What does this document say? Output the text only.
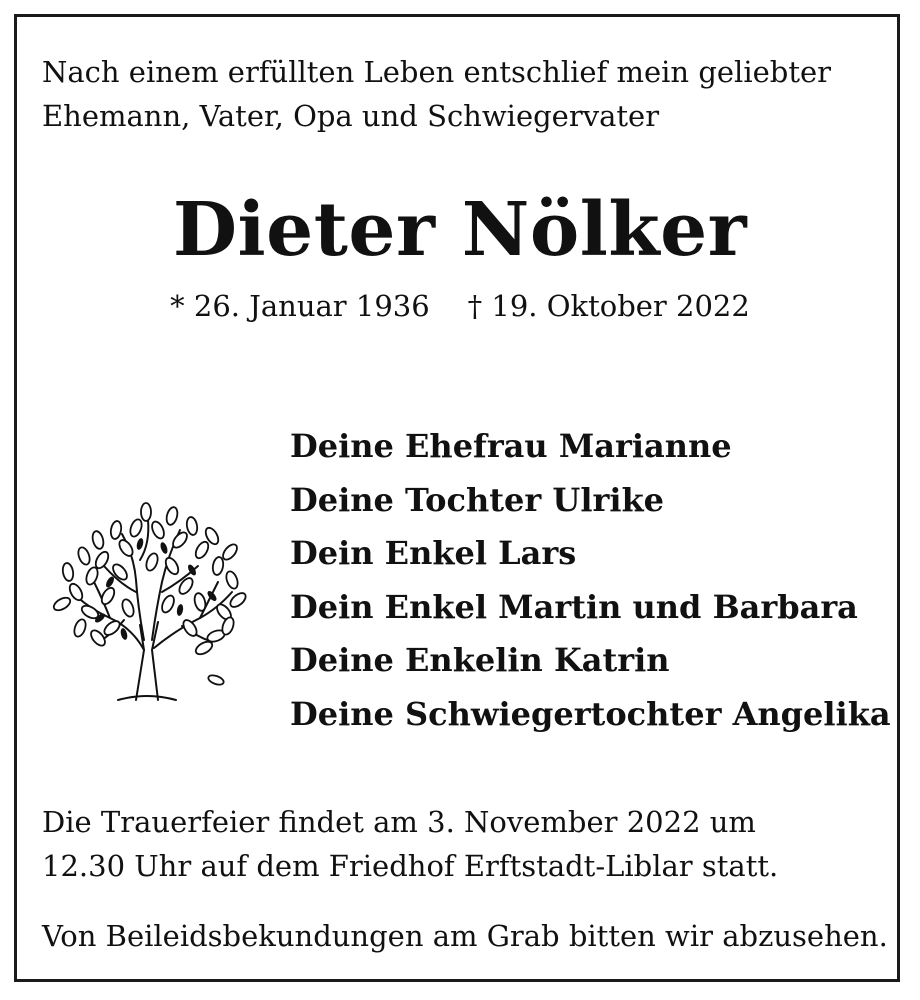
Nach einem erfüllten Leben entschlief mein geliebter
Ehemann, Vater, Opa und Schwiegervater

Dieter Nölker
* 26. Januar 1936 † 19. Oktober 2022
Deine Ehefrau Marianne
Deine Tochter Ulrike
Dein Enkel Lars
Dein Enkel Martin und Barbara
Deine Enkelin Katrin
Deine Schwiegertochter Angelika

Die Trauerfeier findet am 3. November 2022 um
12.30 Uhr auf dem Friedhof Erftstadt-Liblar statt.

Von Beileidsbekundungen am Grab bitten wir abzusehen.
